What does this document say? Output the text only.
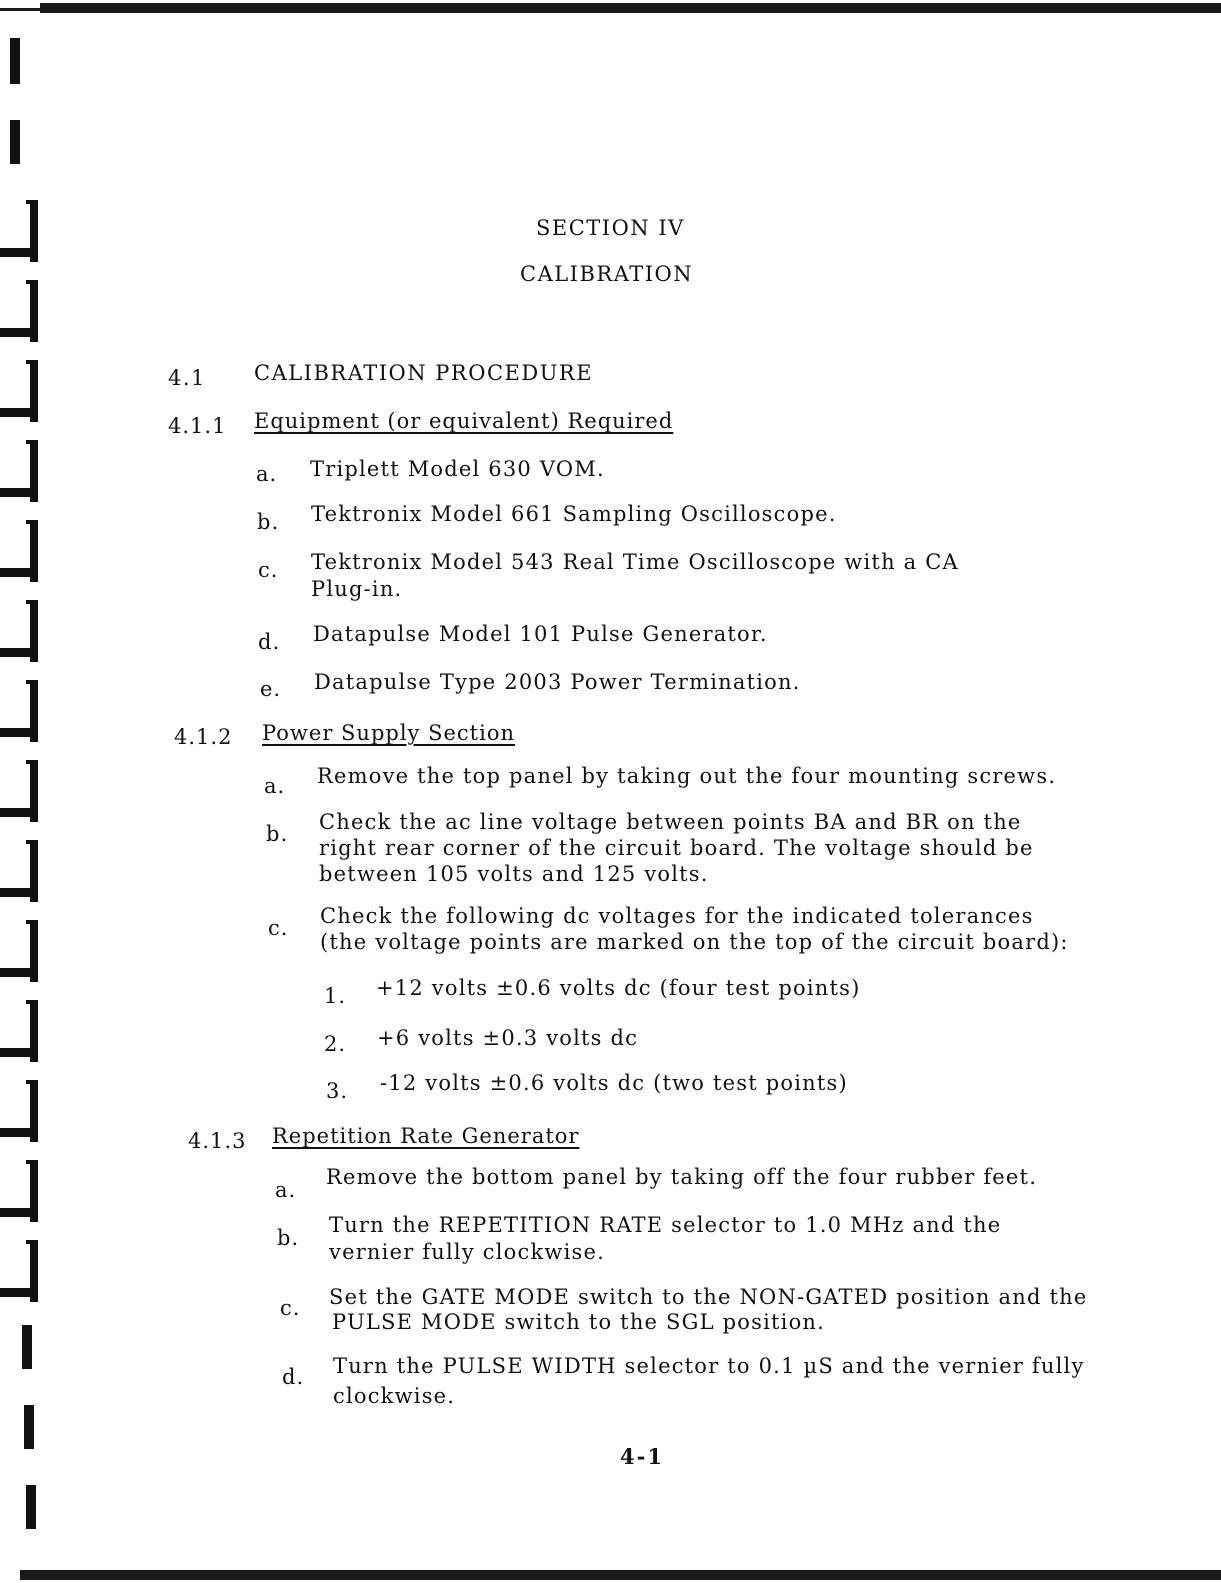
SECTION IV
CALIBRATION
4.1 CALIBRATION PROCEDURE
4.1.1 Equipment (or equivalent) Required
a. Triplett Model 630 VOM.
b. Tektronix Model 661 Sampling Oscilloscope.
c. Tektronix Model 543 Real Time Oscilloscope with a CA
Plug-in.
d. Datapulse Model 101 Pulse Generator.
e. Datapulse Type 2003 Power Termination.
4.1.2 Power Supply Section
a. Remove the top panel by taking out the four mounting screws.
b. Check the ac line voltage between points BA and BR on the
right rear corner of the circuit board. The voltage should be
between 105 volts and 125 volts.
c. Check the following dc voltages for the indicated tolerances
(the voltage points are marked on the top of the circuit board):
1. +12 volts ±0.6 volts dc (four test points)
2. +6 volts ±0.3 volts dc
3. -12 volts ±0.6 volts dc (two test points)
4.1.3 Repetition Rate Generator
a.
Remove the bottom panel by taking off the four rubber feet.
b.
Turn the REPETITION RATE selector to 1.0 MHz and the
vernier fully clockwise.
c. Set the GATE MODE switch to the NON-GATED position and the
PULSE MODE switch to the SGL position.
d. Turn the PULSE WIDTH selector to 0.1 µS and the vernier fully
clockwise.
4-1
